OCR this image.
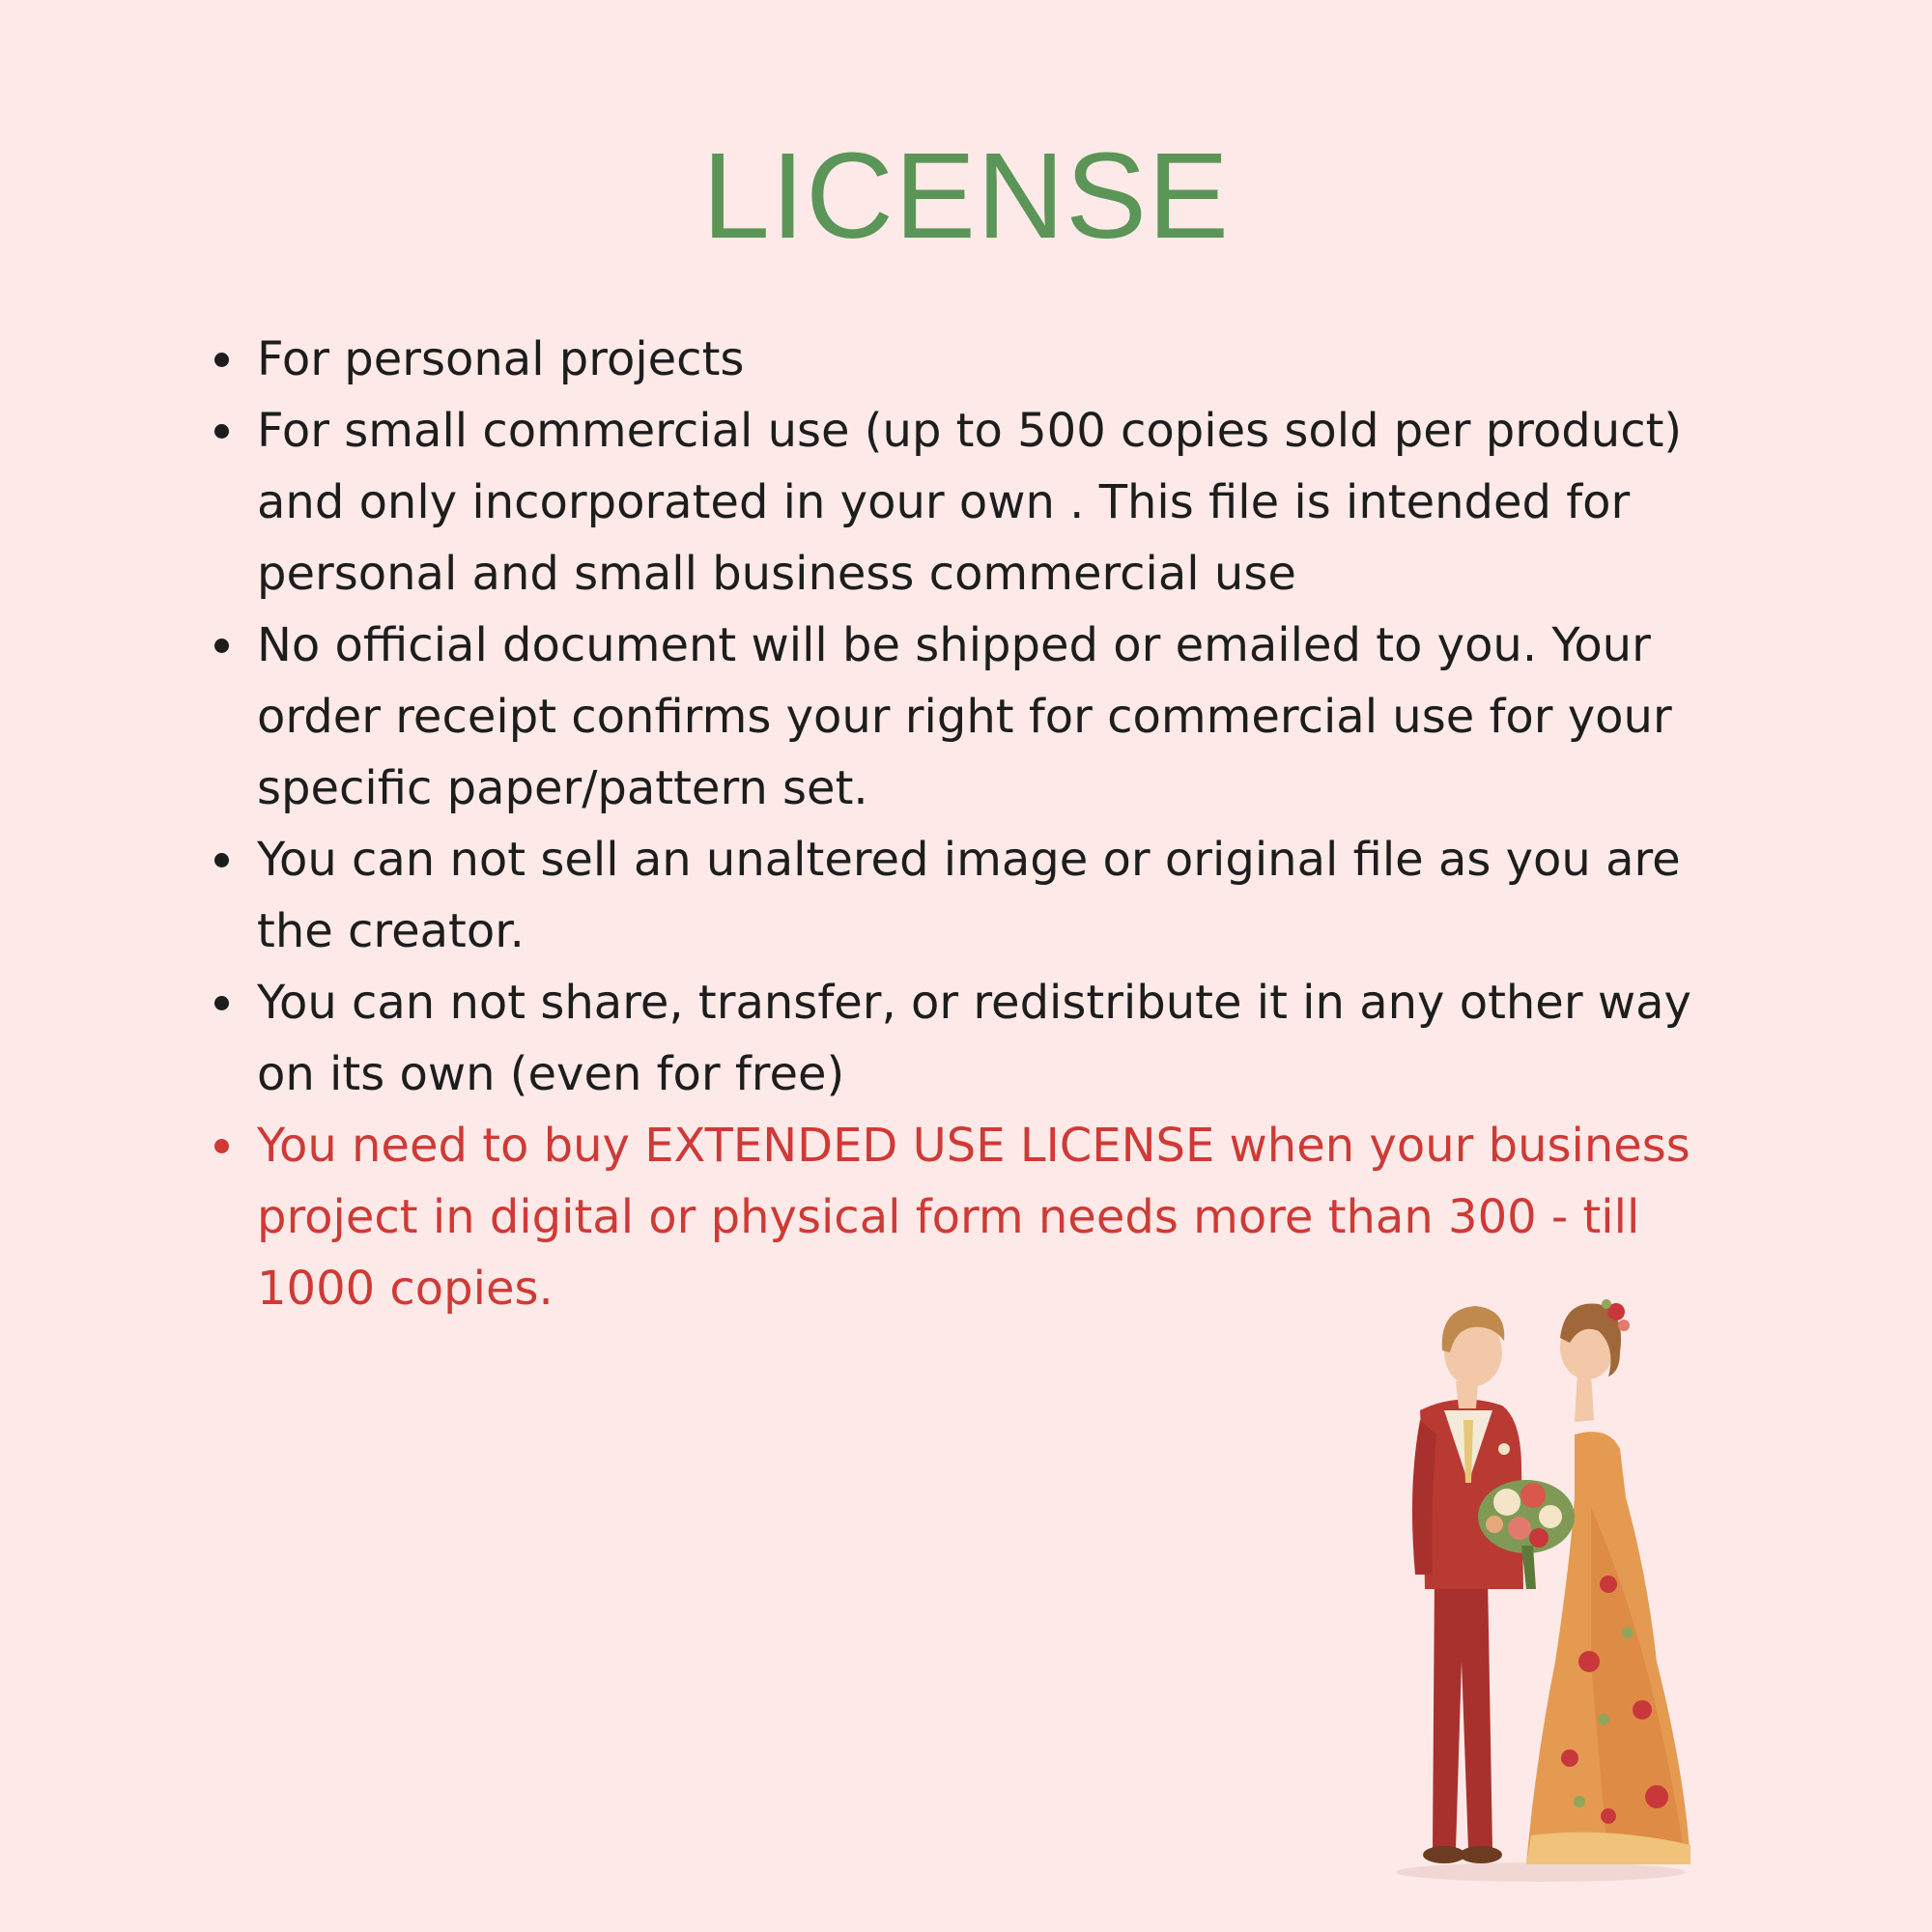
LICENSE
For personal projects
For small commercial use (up to 500 copies sold per product) and only incorporated in your own . This file is intended for personal and small business commercial use
No official document will be shipped or emailed to you. Your order receipt confirms your right for commercial use for your specific paper/pattern set.
You can not sell an unaltered image or original file as you are the creator.
You can not share, transfer, or redistribute it in any other way on its own (even for free)
You need to buy EXTENDED USE LICENSE when your business project in digital or physical form needs more than 300 - till 1000 copies.
